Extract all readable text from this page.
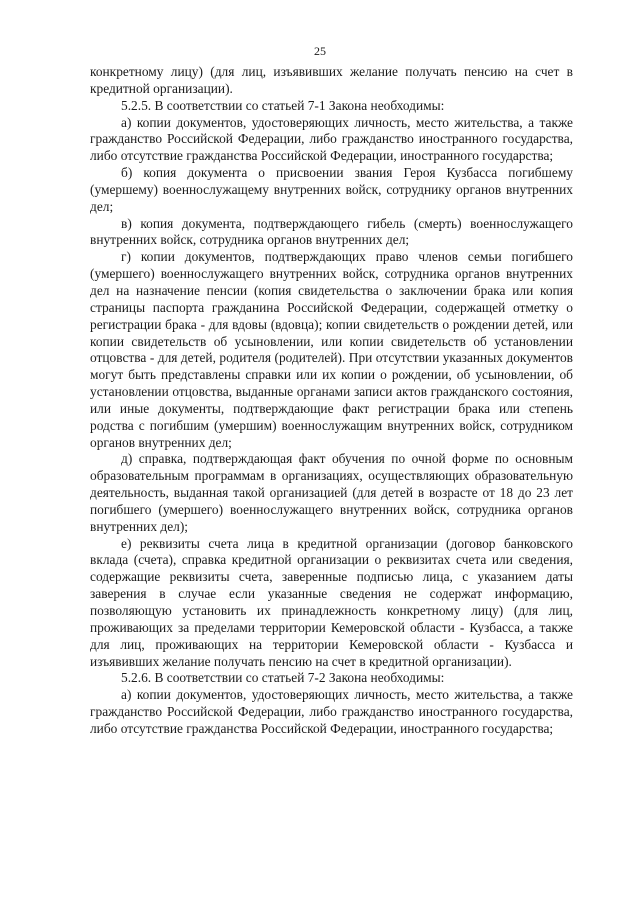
25

конкретному лицу) (для лиц, изъявивших желание получать пенсию на счет в кредитной организации).

5.2.5. В соответствии со статьей 7-1 Закона необходимы:

а) копии документов, удостоверяющих личность, место жительства, а также гражданство Российской Федерации, либо гражданство иностранного государства, либо отсутствие гражданства Российской Федерации, иностранного государства;

б) копия документа о присвоении звания Героя Кузбасса погибшему (умершему) военнослужащему внутренних войск, сотруднику органов внутренних дел;

в) копия документа, подтверждающего гибель (смерть) военнослужащего внутренних войск, сотрудника органов внутренних дел;

г) копии документов, подтверждающих право членов семьи погибшего (умершего) военнослужащего внутренних войск, сотрудника органов внутренних дел на назначение пенсии (копия свидетельства о заключении брака или копия страницы паспорта гражданина Российской Федерации, содержащей отметку о регистрации брака - для вдовы (вдовца); копии свидетельств о рождении детей, или копии свидетельств об усыновлении, или копии свидетельств об установлении отцовства - для детей, родителя (родителей). При отсутствии указанных документов могут быть представлены справки или их копии о рождении, об усыновлении, об установлении отцовства, выданные органами записи актов гражданского состояния, или иные документы, подтверждающие факт регистрации брака или степень родства с погибшим (умершим) военнослужащим внутренних войск, сотрудником органов внутренних дел;

д) справка, подтверждающая факт обучения по очной форме по основным образовательным программам в организациях, осуществляющих образовательную деятельность, выданная такой организацией (для детей в возрасте от 18 до 23 лет погибшего (умершего) военнослужащего внутренних войск, сотрудника органов внутренних дел);

е) реквизиты счета лица в кредитной организации (договор банковского вклада (счета), справка кредитной организации о реквизитах счета или сведения, содержащие реквизиты счета, заверенные подписью лица, с указанием даты заверения в случае если указанные сведения не содержат информацию, позволяющую установить их принадлежность конкретному лицу) (для лиц, проживающих за пределами территории Кемеровской области - Кузбасса, а также для лиц, проживающих на территории Кемеровской области - Кузбасса и изъявивших желание получать пенсию на счет в кредитной организации).

5.2.6. В соответствии со статьей 7-2 Закона необходимы:

а) копии документов, удостоверяющих личность, место жительства, а также гражданство Российской Федерации, либо гражданство иностранного государства, либо отсутствие гражданства Российской Федерации, иностранного государства;
